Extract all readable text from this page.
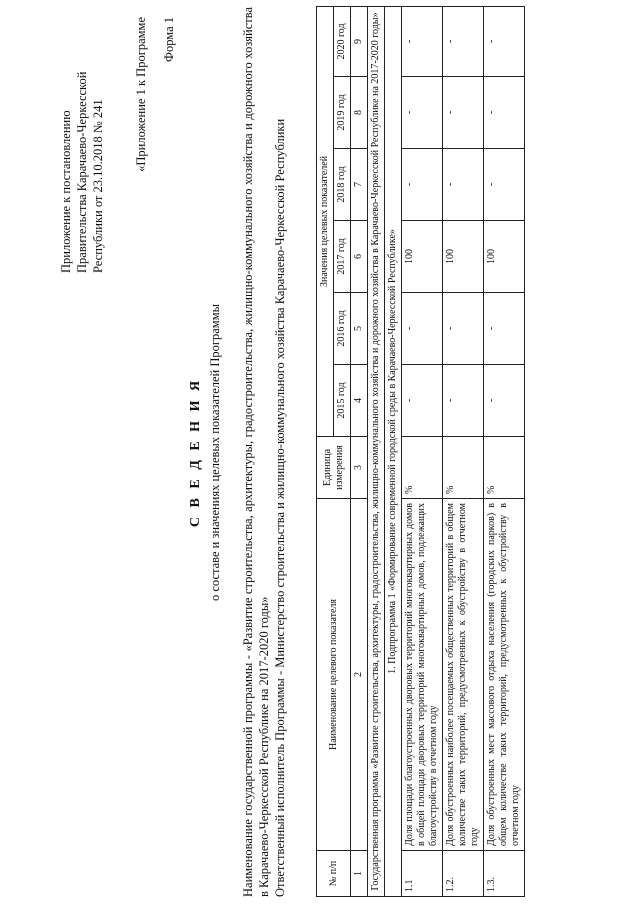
Приложение к постановлению Правительства Карачаево-Черкесской Республики от 23.10.2018 № 241
«Приложение 1 к Программе Форма 1
С В Е Д Е Н И Я о составе и значениях целевых показателей Программы Наименование государственной программы - «Развитие строительства, архитектуры, градостроительства, жилищно-коммунального хозяйства и дорожного хозяйства в Карачаево-Черкесской Республике на 2017-2020 годы» Ответственный исполнитель Программы - Министерство строительства и жилищно-коммунального хозяйства Карачаево-Черкесской Республики	№ п/п	Наименование целевого показателя	Единица измерения	Значения целевых показателей					
			2015 год	2016 год	2017 год	2018 год	2019 год	2020 год
1	2	3	4	5	6	7	8	9
Государственная программа «Развитие строительства, архитектуры, градостроительства, жилищно-коммунального хозяйства и дорожного хозяйства в Карачаево-Черкесской Республике на 2017-2020 годы»								
1. Подпрограмма 1 «Формирование современной городской среды в Карачаево-Черкесской Республике»								
1.1	Доля площади благоустроенных дворовых территорий многоквартирных домов в общей площади дворовых территорий многоквартирных домов, подлежащих благоустройству в отчетном году	%	-	-	100	-	-	-
1.2.	Доля обустроенных наиболее посещаемых общественных территорий в общем количестве таких территорий, предусмотренных к обустройству в отчетном году	%	-	-	100	-	-	-
1.3.	Доля обустроенных мест массового отдыха населения (городских парков) в общем количестве таких территорий, предусмотренных к обустройству в отчетном году	%	-	-	100	-	-	-
